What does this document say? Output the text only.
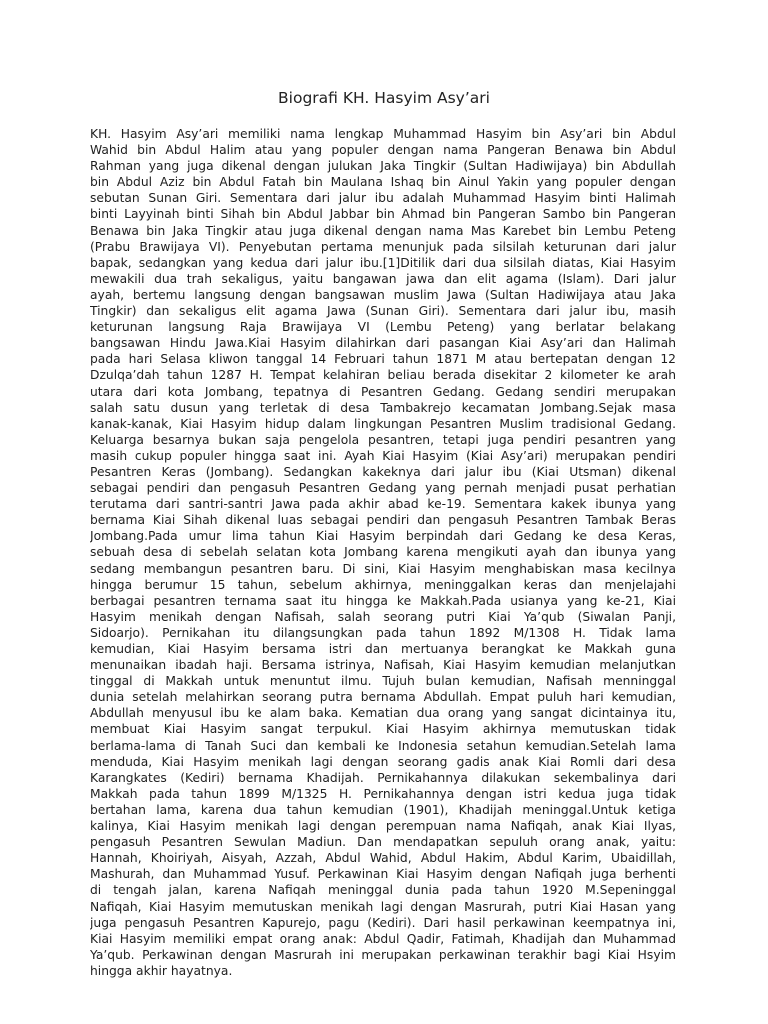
Biografi KH. Hasyim Asy’ari
KH. Hasyim Asy’ari memiliki nama lengkap Muhammad Hasyim bin Asy’ari bin Abdul
Wahid bin Abdul Halim atau yang populer dengan nama Pangeran Benawa bin Abdul
Rahman yang juga dikenal dengan julukan Jaka Tingkir (Sultan Hadiwijaya) bin Abdullah
bin Abdul Aziz bin Abdul Fatah bin Maulana Ishaq bin Ainul Yakin yang populer dengan
sebutan Sunan Giri. Sementara dari jalur ibu adalah Muhammad Hasyim binti Halimah
binti Layyinah binti Sihah bin Abdul Jabbar bin Ahmad bin Pangeran Sambo bin Pangeran
Benawa bin Jaka Tingkir atau juga dikenal dengan nama Mas Karebet bin Lembu Peteng
(Prabu Brawijaya VI). Penyebutan pertama menunjuk pada silsilah keturunan dari jalur
bapak, sedangkan yang kedua dari jalur ibu.[1]Ditilik dari dua silsilah diatas, Kiai Hasyim
mewakili dua trah sekaligus, yaitu bangawan jawa dan elit agama (Islam). Dari jalur
ayah, bertemu langsung dengan bangsawan muslim Jawa (Sultan Hadiwijaya atau Jaka
Tingkir) dan sekaligus elit agama Jawa (Sunan Giri). Sementara dari jalur ibu, masih
keturunan langsung Raja Brawijaya VI (Lembu Peteng) yang berlatar belakang
bangsawan Hindu Jawa.Kiai Hasyim dilahirkan dari pasangan Kiai Asy’ari dan Halimah
pada hari Selasa kliwon tanggal 14 Februari tahun 1871 M atau bertepatan dengan 12
Dzulqa’dah tahun 1287 H. Tempat kelahiran beliau berada disekitar 2 kilometer ke arah
utara dari kota Jombang, tepatnya di Pesantren Gedang. Gedang sendiri merupakan
salah satu dusun yang terletak di desa Tambakrejo kecamatan Jombang.Sejak masa
kanak-kanak, Kiai Hasyim hidup dalam lingkungan Pesantren Muslim tradisional Gedang.
Keluarga besarnya bukan saja pengelola pesantren, tetapi juga pendiri pesantren yang
masih cukup populer hingga saat ini. Ayah Kiai Hasyim (Kiai Asy’ari) merupakan pendiri
Pesantren Keras (Jombang). Sedangkan kakeknya dari jalur ibu (Kiai Utsman) dikenal
sebagai pendiri dan pengasuh Pesantren Gedang yang pernah menjadi pusat perhatian
terutama dari santri-santri Jawa pada akhir abad ke-19. Sementara kakek ibunya yang
bernama Kiai Sihah dikenal luas sebagai pendiri dan pengasuh Pesantren Tambak Beras
Jombang.Pada umur lima tahun Kiai Hasyim berpindah dari Gedang ke desa Keras,
sebuah desa di sebelah selatan kota Jombang karena mengikuti ayah dan ibunya yang
sedang membangun pesantren baru. Di sini, Kiai Hasyim menghabiskan masa kecilnya
hingga berumur 15 tahun, sebelum akhirnya, meninggalkan keras dan menjelajahi
berbagai pesantren ternama saat itu hingga ke Makkah.Pada usianya yang ke-21, Kiai
Hasyim menikah dengan Nafisah, salah seorang putri Kiai Ya’qub (Siwalan Panji,
Sidoarjo). Pernikahan itu dilangsungkan pada tahun 1892 M/1308 H. Tidak lama
kemudian, Kiai Hasyim bersama istri dan mertuanya berangkat ke Makkah guna
menunaikan ibadah haji. Bersama istrinya, Nafisah, Kiai Hasyim kemudian melanjutkan
tinggal di Makkah untuk menuntut ilmu. Tujuh bulan kemudian, Nafisah menninggal
dunia setelah melahirkan seorang putra bernama Abdullah. Empat puluh hari kemudian,
Abdullah menyusul ibu ke alam baka. Kematian dua orang yang sangat dicintainya itu,
membuat Kiai Hasyim sangat terpukul. Kiai Hasyim akhirnya memutuskan tidak
berlama-lama di Tanah Suci dan kembali ke Indonesia setahun kemudian.Setelah lama
menduda, Kiai Hasyim menikah lagi dengan seorang gadis anak Kiai Romli dari desa
Karangkates (Kediri) bernama Khadijah. Pernikahannya dilakukan sekembalinya dari
Makkah pada tahun 1899 M/1325 H. Pernikahannya dengan istri kedua juga tidak
bertahan lama, karena dua tahun kemudian (1901), Khadijah meninggal.Untuk ketiga
kalinya, Kiai Hasyim menikah lagi dengan perempuan nama Nafiqah, anak Kiai Ilyas,
pengasuh Pesantren Sewulan Madiun. Dan mendapatkan sepuluh orang anak, yaitu:
Hannah, Khoiriyah, Aisyah, Azzah, Abdul Wahid, Abdul Hakim, Abdul Karim, Ubaidillah,
Mashurah, dan Muhammad Yusuf. Perkawinan Kiai Hasyim dengan Nafiqah juga berhenti
di tengah jalan, karena Nafiqah meninggal dunia pada tahun 1920 M.Sepeninggal
Nafiqah, Kiai Hasyim memutuskan menikah lagi dengan Masrurah, putri Kiai Hasan yang
juga pengasuh Pesantren Kapurejo, pagu (Kediri). Dari hasil perkawinan keempatnya ini,
Kiai Hasyim memiliki empat orang anak: Abdul Qadir, Fatimah, Khadijah dan Muhammad
Ya’qub. Perkawinan dengan Masrurah ini merupakan perkawinan terakhir bagi Kiai Hsyim
hingga akhir hayatnya.
